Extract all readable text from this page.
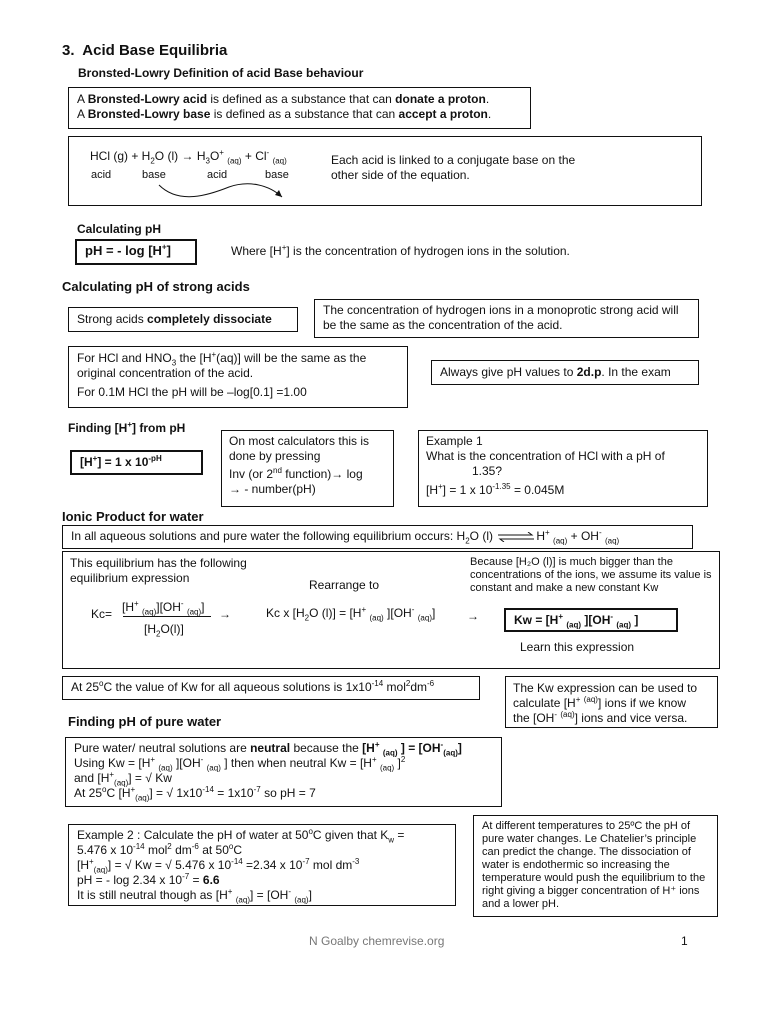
3. Acid Base Equilibria
Bronsted-Lowry Definition of acid Base behaviour
A Bronsted-Lowry acid is defined as a substance that can donate a proton.
A Bronsted-Lowry base is defined as a substance that can accept a proton.
HCl $(g) + H_2O$ $(l) \to H_3O^+$ $_{(aq)}$ + Cl- $_{(aq)}$
acid	base	acid	base
Each acid is linked to a conjugate base on the other side of the equation.
Calculating pH
pH = - log [H+]	Where [H+] is the concentration of hydrogen ions in the solution.
Calculating pH of strong acids
Strong acids completely dissociate
The concentration of hydrogen ions in a monoprotic strong acid will be the same as the concentration of the acid.
For HCl and $HNO_3$ the [H+(aq)] will be the same as the
original concentration of the acid.
For 0.1M HCl the pH will be –log[0.1] =1.00
Always give pH values to 2d.p. In the exam
Finding [H+] from pH
[H+] = 1 x $10^{-pH}$
On most calculators this is
done by pressing
Inv (or 2nd function)→ log
→ - number(pH)
Example 1
What is the concentration of HCl with a pH of
1.35?
[H+] = 1 x $10^{-1.35} = 0.045M$
Ionic Product for water
In all aqueous solutions and pure water the following equilibrium occurs: $H_2O$ (l) ⇌H+ $_{(aq)}$ + OH- $_{(aq)}$
This equilibrium has the following
equilibrium expression	Rearrange to
Kc= [H+ $_{(aq)}$][OH- $_{(aq)}$]
$[H_2O(l)]$
→	Kc x [$H_2O$ (l)] = [H+ $_{(aq)}$ ][OH- $_{(aq)}$]	→
Because [H₂O (l)] is much bigger than the concentrations of the ions, we assume its value is constant and make a new constant Kw
Kw = [H+ $_{(aq)}$ ][OH- $_{(aq)}$ ]
Learn this expression
At 25$^o$C the value of Kw for all aqueous solutions is $1x10^{-14}$ $mol^2dm^{-6}$	The Kw expression can be used to
calculate [H+ $^{(aq)}$] ions if we know
the [OH- $^{(aq)}$] ions and vice versa.
Finding pH of pure water
Pure water/ neutral solutions are neutral because the [H+ $_{(aq)}$ ] = $[OH^-_{(aq)}]$
Using Kw = [H+ $_{(aq)}$ ][OH- $_{(aq)}$ ] then when neutral Kw = [H+ $_{(aq)}$ ]$^2$
and $[H^+_{(aq)}]$ = √ Kw
At 25$^o$C $[H^+_{(aq)}]$ = √ $1x10^{-14} = 1x10^{-7}$ so pH = 7
Example 2 : Calculate the pH of water at 50$^o$C given that $K_w$ =
5.476 x $10^{-14}$ mol$^2$ $dm^{-6}$ at 50$^o$C
$[H^+_{(aq)}]$ = √ Kw = √ 5.476 x $10^{-14} =2.34$ x $10^{-7}$ mol $dm^{-3}$
pH = - log 2.34 x $10^{-7} = 6.6$
It is still neutral though as [H+ $_{(aq)}$] = [OH- $_{(aq)}$]
At different temperatures to 25ºC the pH of pure water changes. Le Chatelier’s principle can predict the change. The dissociation of water is endothermic so increasing the temperature would push the equilibrium to the right giving a bigger concentration of H⁺ ions and a lower pH.
N Goalby chemrevise.org	1
